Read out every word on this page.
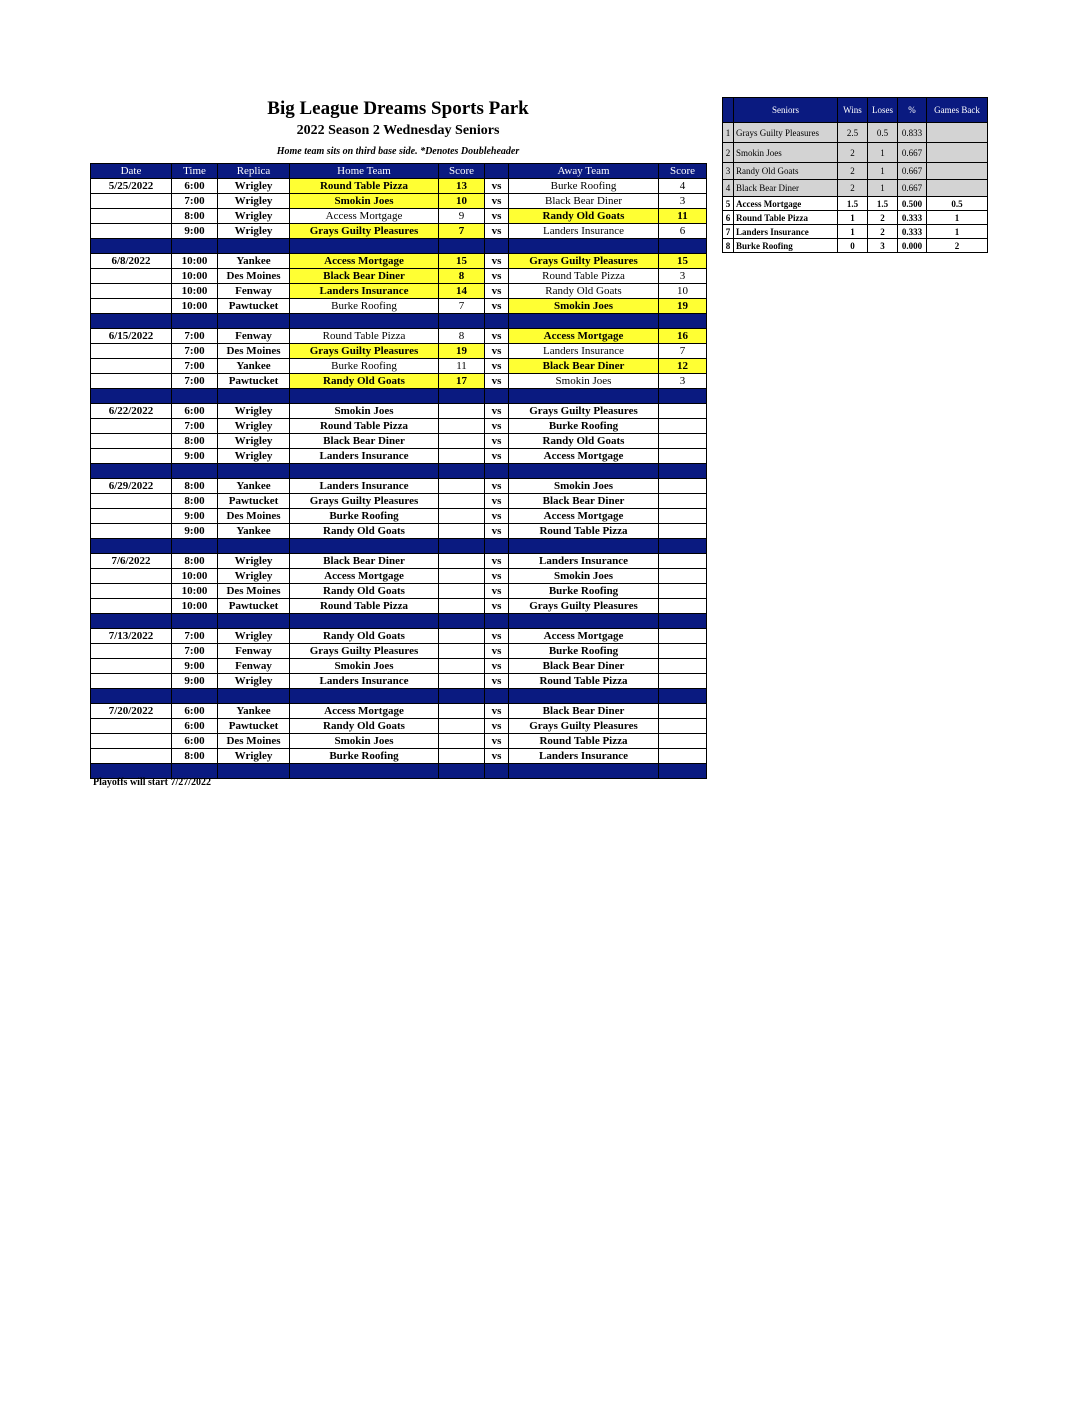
Big League Dreams Sports Park
2022 Season 2 Wednesday Seniors
Home team sits on third base side. *Denotes Doubleheader
Date	Time	Replica	Home Team	Score		Away Team	Score
5/25/2022	6:00	Wrigley	Round Table Pizza	13	vs	Burke Roofing	4
	7:00	Wrigley	Smokin Joes	10	vs	Black Bear Diner	3
	8:00	Wrigley	Access Mortgage	9	vs	Randy Old Goats	11
	9:00	Wrigley	Grays Guilty Pleasures	7	vs	Landers Insurance	6

6/8/2022	10:00	Yankee	Access Mortgage	15	vs	Grays Guilty Pleasures	15
	10:00	Des Moines	Black Bear Diner	8	vs	Round Table Pizza	3
	10:00	Fenway	Landers Insurance	14	vs	Randy Old Goats	10
	10:00	Pawtucket	Burke Roofing	7	vs	Smokin Joes	19

6/15/2022	7:00	Fenway	Round Table Pizza	8	vs	Access Mortgage	16
	7:00	Des Moines	Grays Guilty Pleasures	19	vs	Landers Insurance	7
	7:00	Yankee	Burke Roofing	11	vs	Black Bear Diner	12
	7:00	Pawtucket	Randy Old Goats	17	vs	Smokin Joes	3

6/22/2022	6:00	Wrigley	Smokin Joes		vs	Grays Guilty Pleasures	
	7:00	Wrigley	Round Table Pizza		vs	Burke Roofing	
	8:00	Wrigley	Black Bear Diner		vs	Randy Old Goats	
	9:00	Wrigley	Landers Insurance		vs	Access Mortgage	

6/29/2022	8:00	Yankee	Landers Insurance		vs	Smokin Joes	
	8:00	Pawtucket	Grays Guilty Pleasures		vs	Black Bear Diner	
	9:00	Des Moines	Burke Roofing		vs	Access Mortgage	
	9:00	Yankee	Randy Old Goats		vs	Round Table Pizza	

7/6/2022	8:00	Wrigley	Black Bear Diner		vs	Landers Insurance	
	10:00	Wrigley	Access Mortgage		vs	Smokin Joes	
	10:00	Des Moines	Randy Old Goats		vs	Burke Roofing	
	10:00	Pawtucket	Round Table Pizza		vs	Grays Guilty Pleasures	

7/13/2022	7:00	Wrigley	Randy Old Goats		vs	Access Mortgage	
	7:00	Fenway	Grays Guilty Pleasures		vs	Burke Roofing	
	9:00	Fenway	Smokin Joes		vs	Black Bear Diner	
	9:00	Wrigley	Landers Insurance		vs	Round Table Pizza	

7/20/2022	6:00	Yankee	Access Mortgage		vs	Black Bear Diner	
	6:00	Pawtucket	Randy Old Goats		vs	Grays Guilty Pleasures	
	6:00	Des Moines	Smokin Joes		vs	Round Table Pizza	
	8:00	Wrigley	Burke Roofing		vs	Landers Insurance	

Playoffs will start 7/27/2022
	Seniors	Wins	Loses	%	Games Back
1	Grays Guilty Pleasures	2.5	0.5	0.833	
2	Smokin Joes	2	1	0.667	
3	Randy Old Goats	2	1	0.667	
4	Black Bear Diner	2	1	0.667	
5	Access Mortgage	1.5	1.5	0.500	0.5
6	Round Table Pizza	1	2	0.333	1
7	Landers Insurance	1	2	0.333	1
8	Burke Roofing	0	3	0.000	2
